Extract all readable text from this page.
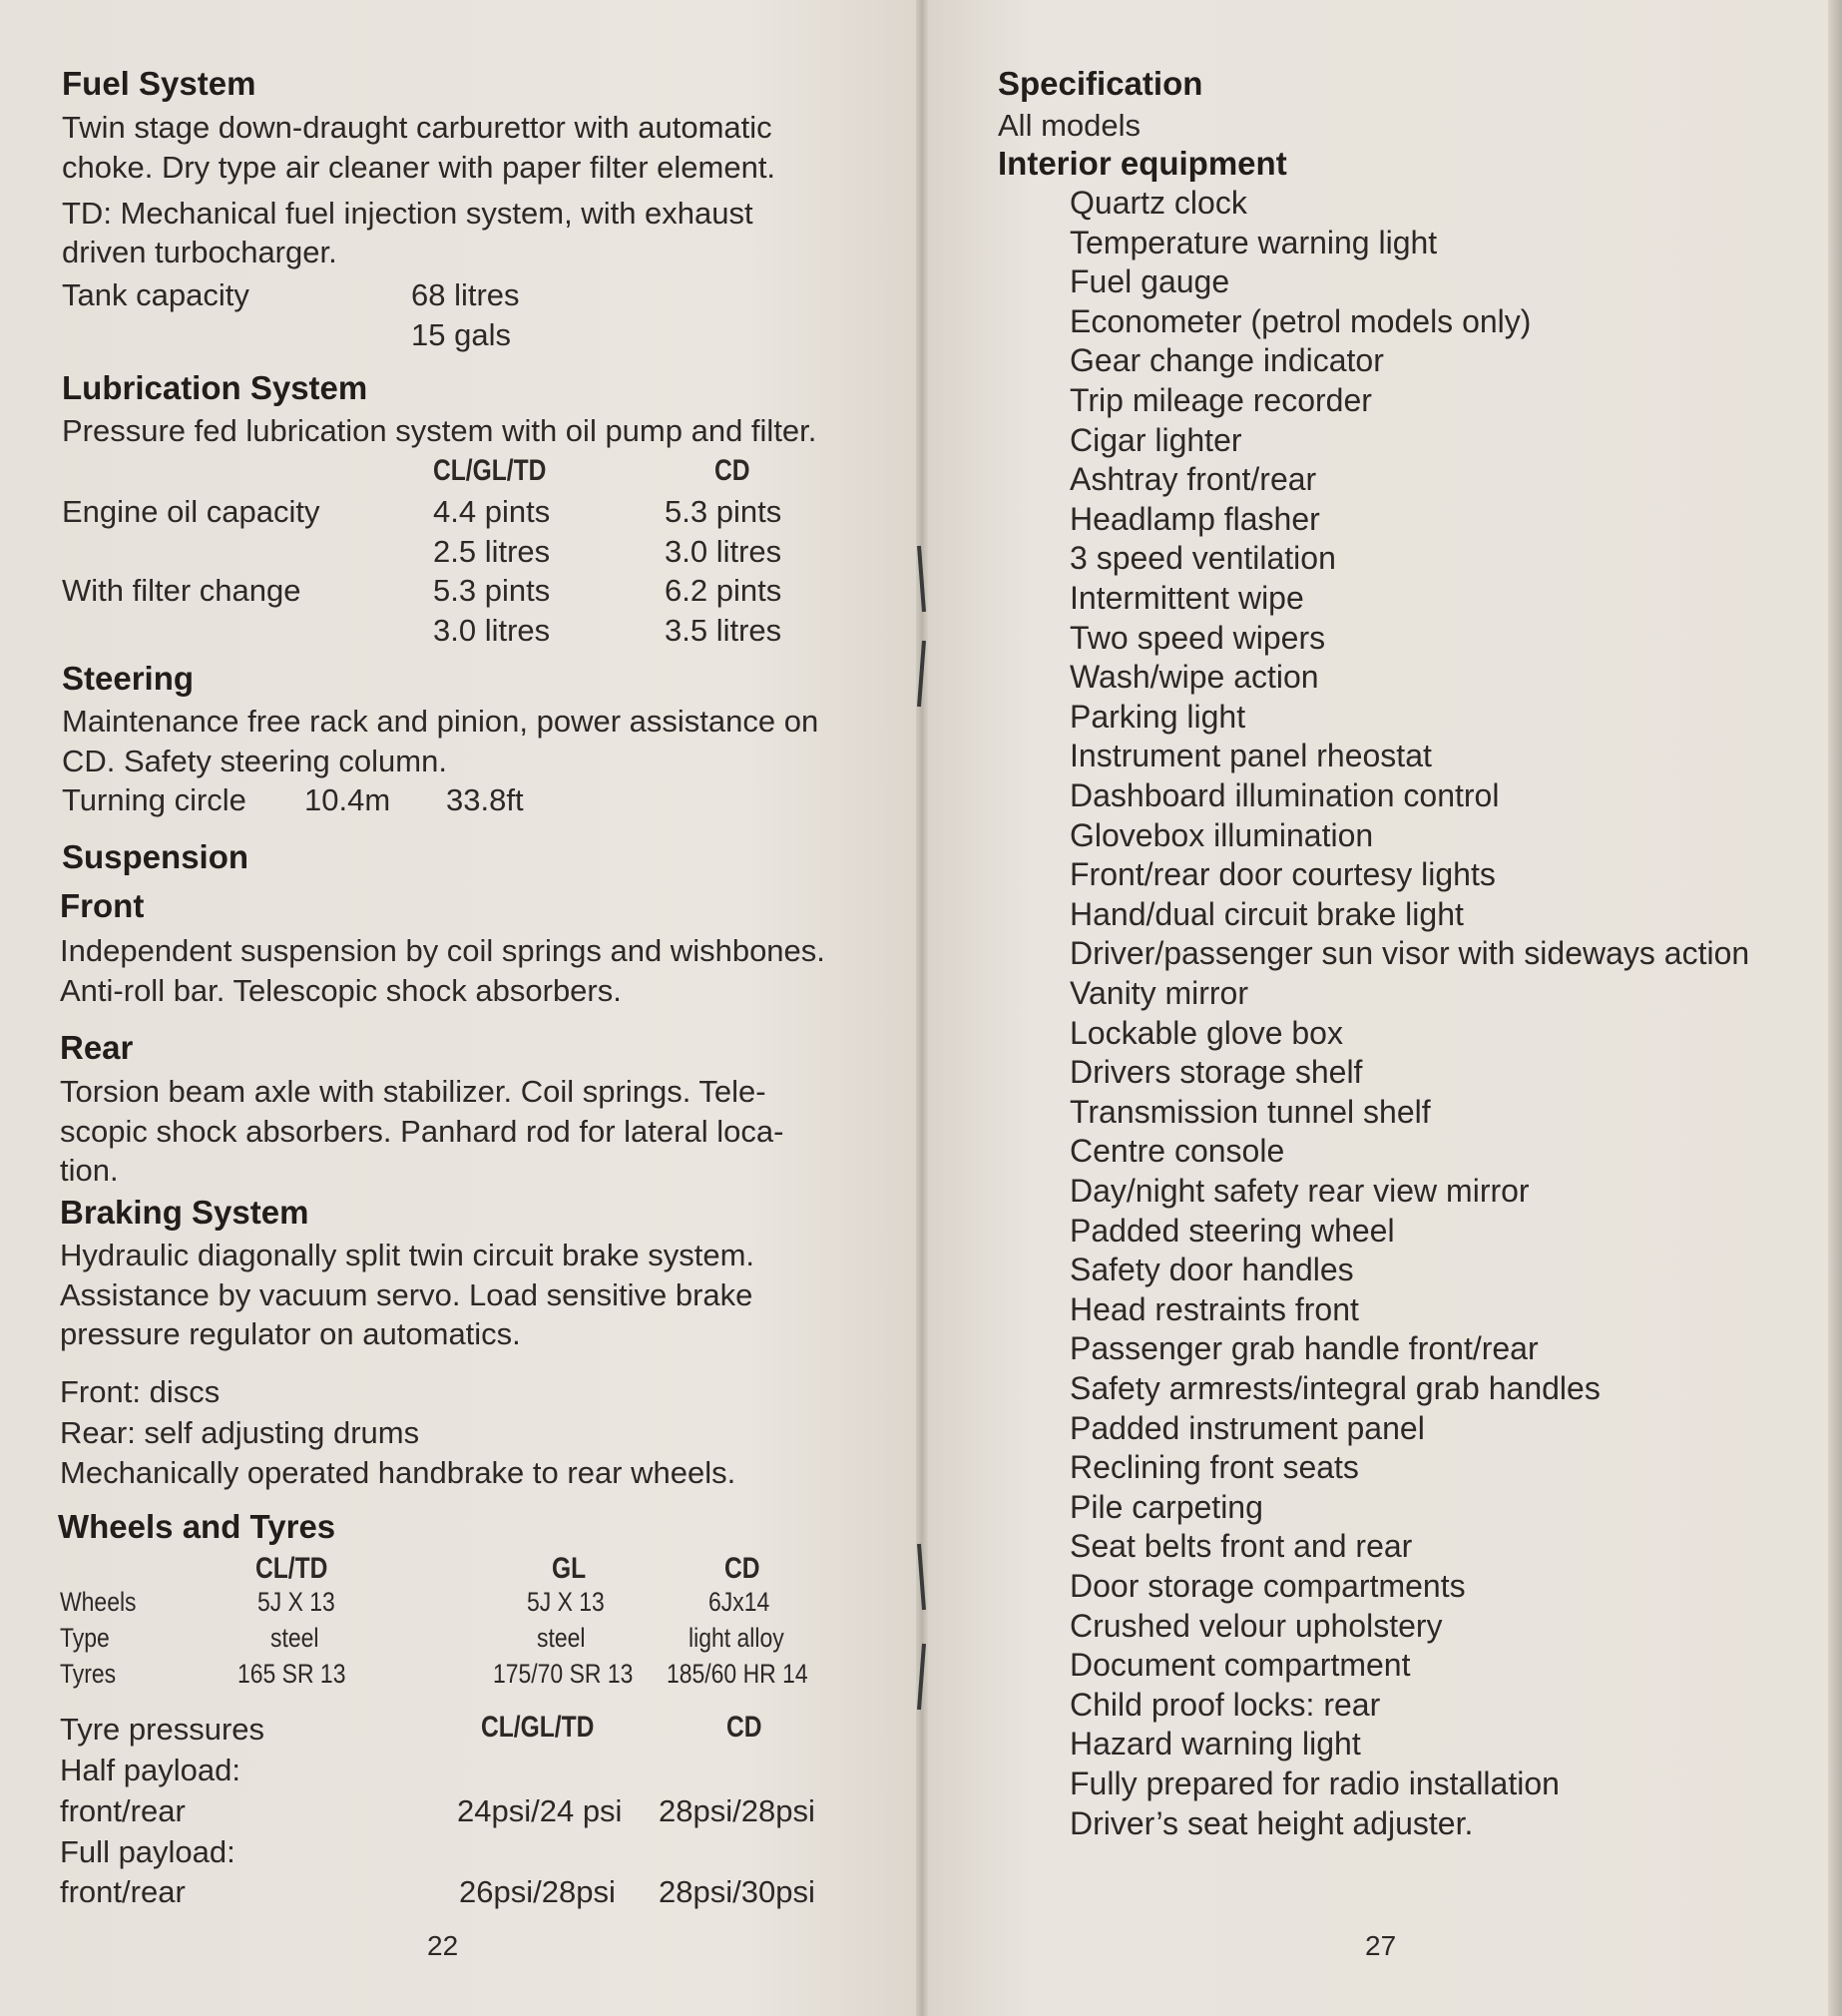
Fuel System
Twin stage down-draught carburettor with automatic
choke. Dry type air cleaner with paper filter element.
TD: Mechanical fuel injection system, with exhaust
driven turbocharger.
Tank capacity	68 litres
15 gals
Lubrication System
Pressure fed lubrication system with oil pump and filter.
CL/GL/TD	CD
Engine oil capacity	4.4 pints	5.3 pints
2.5 litres	3.0 litres
With filter change	5.3 pints	6.2 pints
3.0 litres	3.5 litres
Steering
Maintenance free rack and pinion, power assistance on
CD. Safety steering column.
Turning circle 10.4m 33.8ft
Suspension
Front
Independent suspension by coil springs and wishbones.
Anti-roll bar. Telescopic shock absorbers.
Rear
Torsion beam axle with stabilizer. Coil springs. Tele-
scopic shock absorbers. Panhard rod for lateral loca-
tion.
Braking System
Hydraulic diagonally split twin circuit brake system.
Assistance by vacuum servo. Load sensitive brake
pressure regulator on automatics.
Front: discs
Rear: self adjusting drums
Mechanically operated handbrake to rear wheels.
Wheels and Tyres
CL/TD	GL	CD
Wheels	5J X 13	5J X 13	6Jx14
Type	steel	steel	light alloy
Tyres	165 SR 13	175/70 SR 13 185/60 HR 14
Tyre pressures	CL/GL/TD	CD
Half payload:
front/rear	24psi/24 psi 28psi/28psi
Full payload:
front/rear	26psi/28psi 28psi/30psi
22
Specification
All models
Interior equipment
Quartz clock
Temperature warning light
Fuel gauge
Econometer (petrol models only)
Gear change indicator
Trip mileage recorder
Cigar lighter
Ashtray front/rear
Headlamp flasher
3 speed ventilation
Intermittent wipe
Two speed wipers
Wash/wipe action
Parking light
Instrument panel rheostat
Dashboard illumination control
Glovebox illumination
Front/rear door courtesy lights
Hand/dual circuit brake light
Driver/passenger sun visor with sideways action
Vanity mirror
Lockable glove box
Drivers storage shelf
Transmission tunnel shelf
Centre console
Day/night safety rear view mirror
Padded steering wheel
Safety door handles
Head restraints front
Passenger grab handle front/rear
Safety armrests/integral grab handles
Padded instrument panel
Reclining front seats
Pile carpeting
Seat belts front and rear
Door storage compartments
Crushed velour upholstery
Document compartment
Child proof locks: rear
Hazard warning light
Fully prepared for radio installation
Driver’s seat height adjuster.
27
